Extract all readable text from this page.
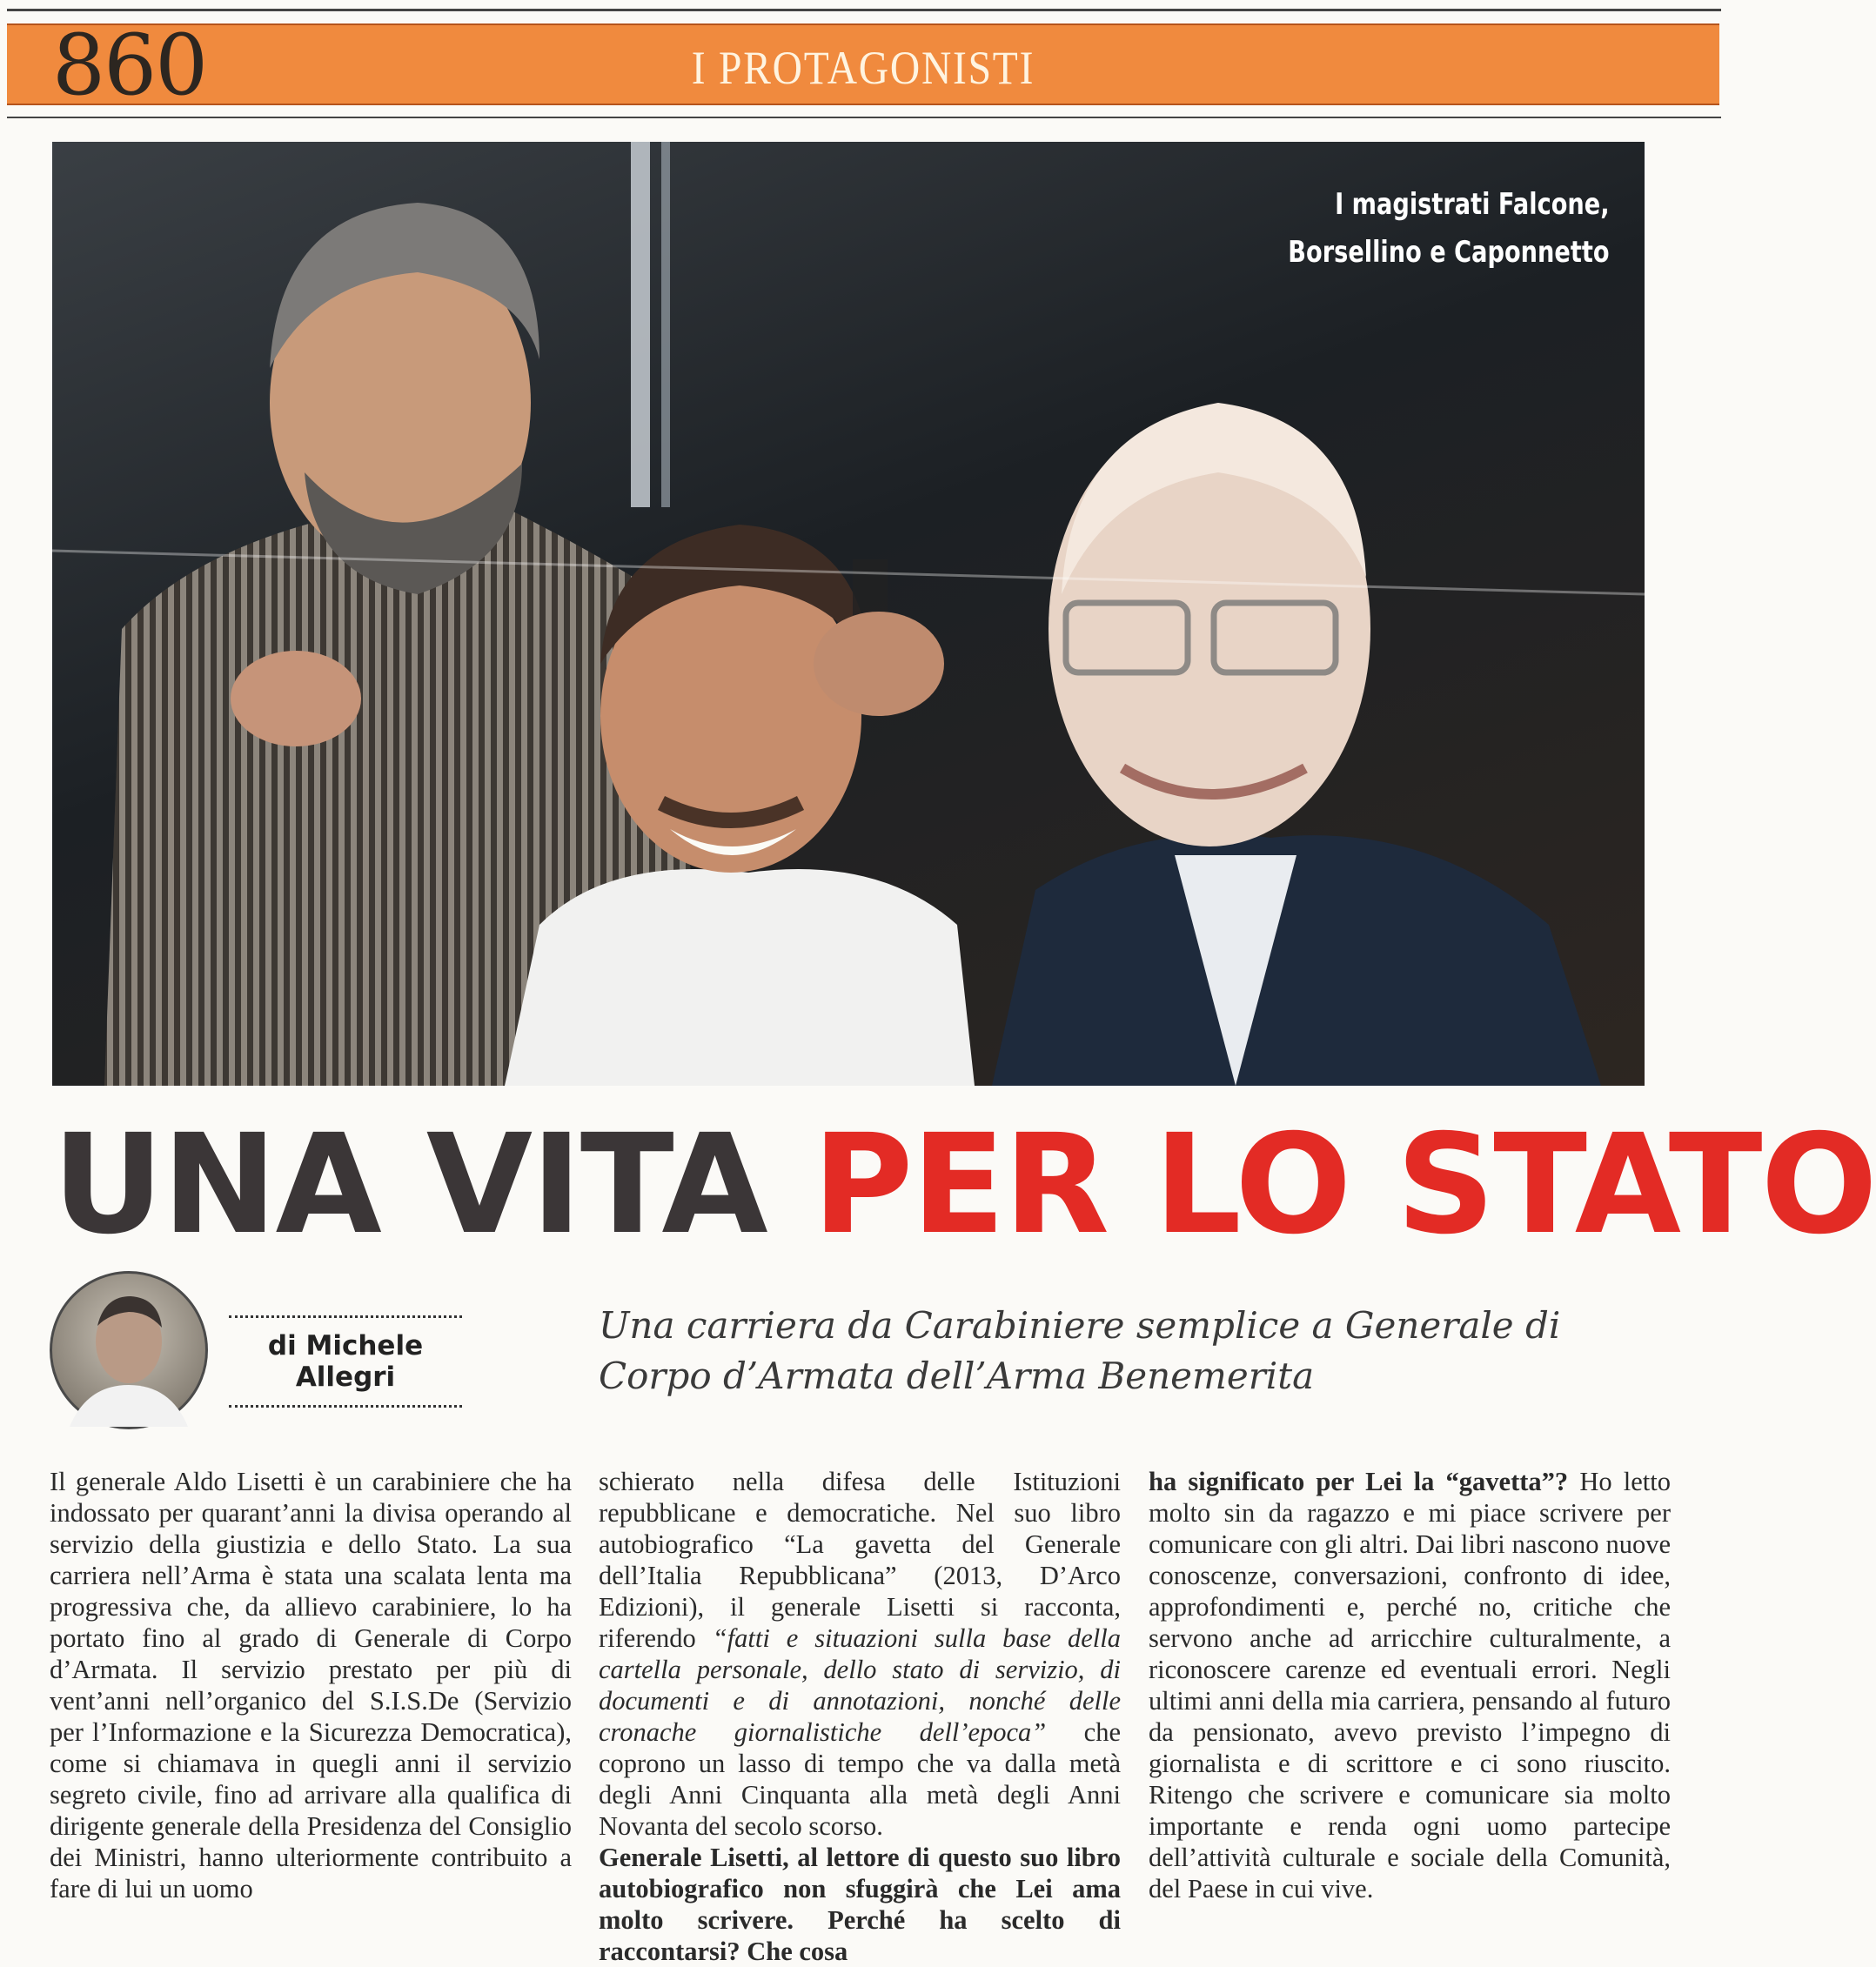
860	I PROTAGONISTI
I magistrati Falcone,
Borsellino e Caponnetto
UNA VITA PER LO STATO
di Michele Allegri
Una carriera da Carabiniere semplice a Generale di Corpo d’Armata dell’Arma Benemerita

Il generale Aldo Lisetti è un carabiniere che ha indossato per quarant’anni la divisa operando al servizio della giustizia e dello Stato. La sua carriera nell’Arma è stata una scalata lenta ma progressiva che, da allievo carabiniere, lo ha portato fino al grado di Generale di Corpo d’Armata. Il servizio prestato per più di vent’anni nell’organico del S.I.S.De (Servizio per l’Informazione e la Sicurezza Democratica), come si chiamava in quegli anni il servizio segreto civile, fino ad arrivare alla qualifica di dirigente generale della Presidenza del Consiglio dei Ministri, hanno ulteriormente contribuito a fare di lui un uomo

schierato nella difesa delle Istituzioni repubblicane e democratiche. Nel suo libro autobiografico “La gavetta del Generale dell’Italia Repubblicana” (2013, D’Arco Edizioni), il generale Lisetti si racconta, riferendo “fatti e situazioni sulla base della cartella personale, dello stato di servizio, di documenti e di annotazioni, nonché delle cronache giornalistiche dell’epoca” che coprono un lasso di tempo che va dalla metà degli Anni Cinquanta alla metà degli Anni Novanta del secolo scorso.

Generale Lisetti, al lettore di questo suo libro autobiografico non sfuggirà che Lei ama molto scrivere. Perché ha scelto di raccontarsi? Che cosa

ha significato per Lei la “gavetta”? Ho letto molto sin da ragazzo e mi piace scrivere per comunicare con gli altri. Dai libri nascono nuove conoscenze, conversazioni, confronto di idee, approfondimenti e, perché no, critiche che servono anche ad arricchire culturalmente, a riconoscere carenze ed eventuali errori. Negli ultimi anni della mia carriera, pensando al futuro da pensionato, avevo previsto l’impegno di giornalista e di scrittore e ci sono riuscito. Ritengo che scrivere e comunicare sia molto importante e renda ogni uomo partecipe dell’attività culturale e sociale della Comunità, del Paese in cui vive.
